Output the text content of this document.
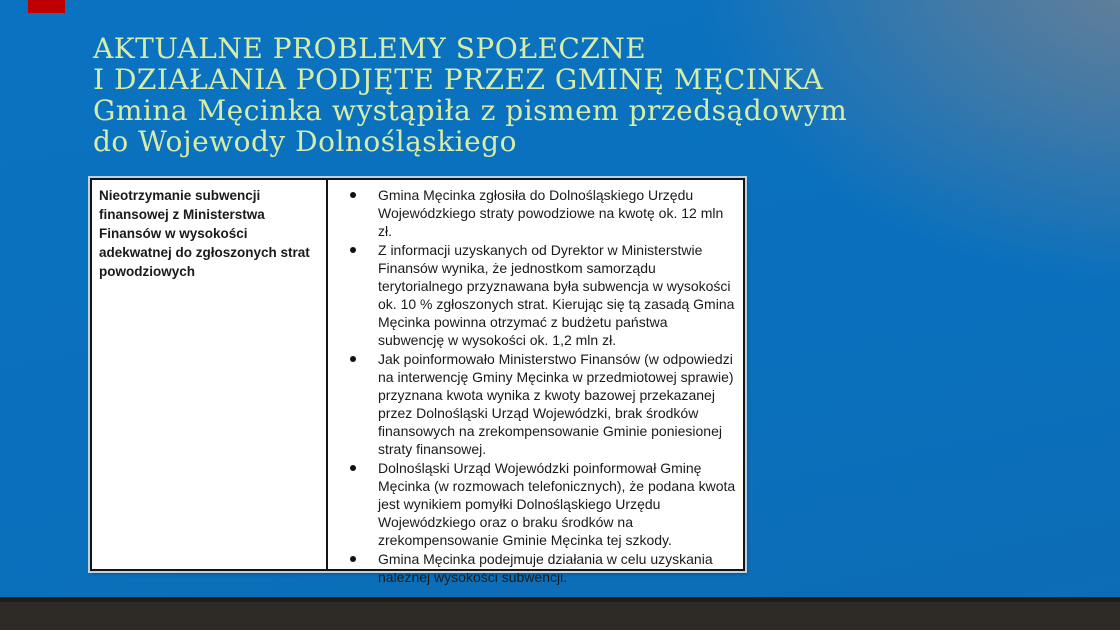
AKTUALNE PROBLEMY SPOŁECZNE
I DZIAŁANIA PODJĘTE PRZEZ GMINĘ MĘCINKA
Gmina Męcinka wystąpiła z pismem przedsądowym
do Wojewody Dolnośląskiego
Nieotrzymanie subwencji finansowej z Ministerstwa Finansów w wysokości adekwatnej do zgłoszonych strat powodziowych
Gmina Męcinka zgłosiła do Dolnośląskiego Urzędu Wojewódzkiego straty powodziowe na kwotę ok. 12 mln zł.
Z informacji uzyskanych od Dyrektor w Ministerstwie Finansów wynika, że jednostkom samorządu terytorialnego przyznawana była subwencja w wysokości ok. 10 % zgłoszonych strat. Kierując się tą zasadą Gmina Męcinka powinna otrzymać z budżetu państwa subwencję w wysokości ok. 1,2 mln zł.
Jak poinformowało Ministerstwo Finansów (w odpowiedzi na interwencję Gminy Męcinka w przedmiotowej sprawie) przyznana kwota wynika z kwoty bazowej przekazanej przez Dolnośląski Urząd Wojewódzki, brak środków finansowych na zrekompensowanie Gminie poniesionej straty finansowej.
Dolnośląski Urząd Wojewódzki poinformował Gminę Męcinka (w rozmowach telefonicznych), że podana kwota jest wynikiem pomyłki Dolnośląskiego Urzędu Wojewódzkiego oraz o braku środków na zrekompensowanie Gminie Męcinka tej szkody.
Gmina Męcinka podejmuje działania w celu uzyskania należnej wysokości subwencji.
